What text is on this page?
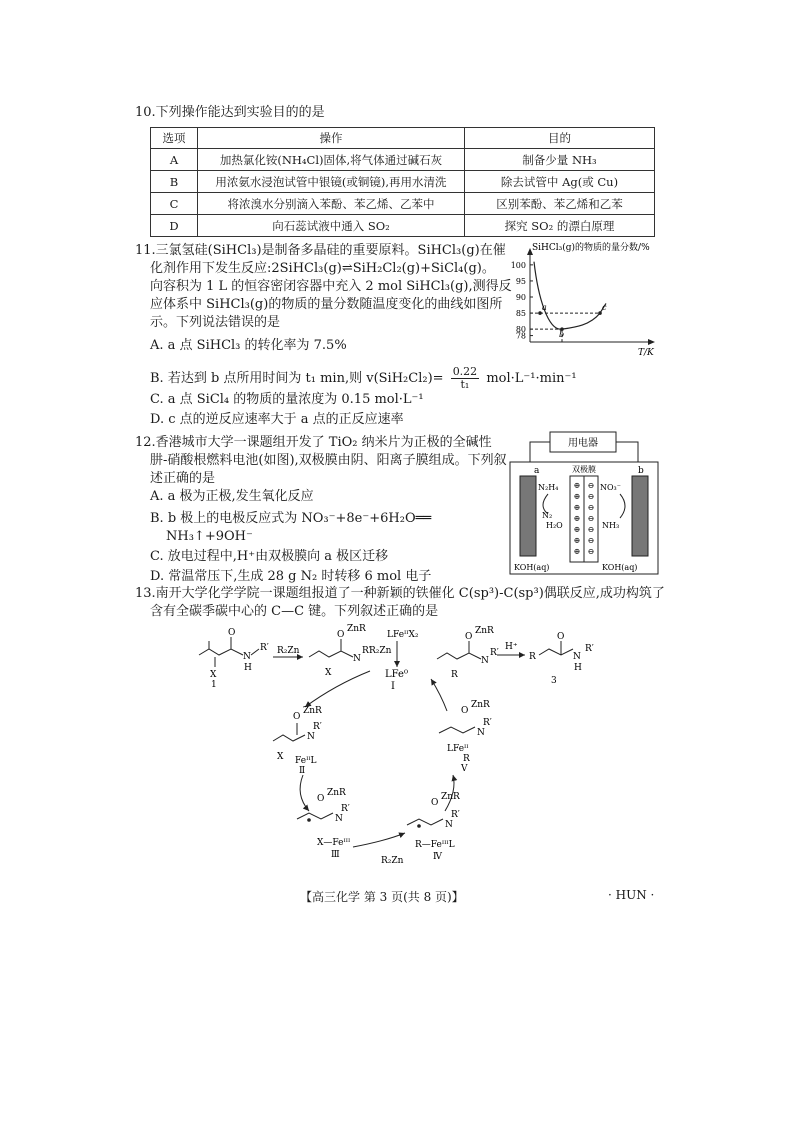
10.下列操作能达到实验目的的是
选项	操作	目的
A	加热氯化铵(NH₄Cl)固体,将气体通过碱石灰	制备少量 NH₃
B	用浓氨水浸泡试管中银镜(或铜镜),再用水清洗	除去试管中 Ag(或 Cu)
C	将浓溴水分别滴入苯酚、苯乙烯、乙苯中	区别苯酚、苯乙烯和乙苯
D	向石蕊试液中通入 SO₂	探究 SO₂ 的漂白原理
11.三氯氢硅(SiHCl₃)是制备多晶硅的重要原料。SiHCl₃(g)在催
化剂作用下发生反应:2SiHCl₃(g)⇌SiH₂Cl₂(g)+SiCl₄(g)。
向容积为 1 L 的恒容密闭容器中充入 2 mol SiHCl₃(g),测得反
应体系中 SiHCl₃(g)的物质的量分数随温度变化的曲线如图所
示。下列说法错误的是
A. a 点 SiHCl₃ 的转化率为 7.5%
B. 若达到 b 点所用时间为 t₁ min,则 $v(SiH_2Cl_2)= \frac{0.22}{\text{t₁}} mol\cdot L^{-1}\cdot\min^{-1}$
C. a 点 SiCl₄ 的物质的量浓度为 0.15 mol·L⁻¹
D. c 点的逆反应速率大于 a 点的正反应速率
SiHCl₃(g)的物质的量分数/%
78
80
85
90
95
100
a
b
c
T/K
12.香港城市大学一课题组开发了 TiO₂ 纳米片为正极的全碱性
肼-硝酸根燃料电池(如图),双极膜由阴、阳离子膜组成。下列叙
述正确的是
A. a 极为正极,发生氧化反应
B. b 极上的电极反应式为 NO₃⁻+8e⁻+6H₂O══
NH₃↑+9OH⁻
C. 放电过程中,H⁺由双极膜向 a 极区迁移
D. 常温常压下,生成 28 g N₂ 时转移 6 mol 电子
用电器
a	b
双极膜
⊕ ⊖
⊕ ⊖
⊕ ⊖
⊕ ⊖
⊕ ⊖
⊕ ⊖
⊕ ⊖
N₂H₄
N₂
H₂O
NO₃⁻
NH₃
KOH(aq)	KOH(aq)
13.南开大学化学学院一课题组报道了一种新颖的铁催化 C(sp³)-C(sp³)偶联反应,成功构筑了
含有全碳季碳中心的 C—C 键。下列叙述正确的是
O
N
H
R′
X
1
R₂Zn
O
ZnR
N
R′
X
LFeᴵᴵX₂
R₂Zn
LFe⁰
Ⅰ
O
ZnR
N
R′
R
H⁺
R
O
N
H
R′
3
R₂Zn
O
ZnR
N
R′
X FeᴵᴵL
Ⅱ
O
ZnR
N
R′
X—Feᴵᴵᴵ
Ⅲ
O
ZnR
N
R′
R—FeᴵᴵᴵL
Ⅳ
O
ZnR
N
R′
LFeᴵᴵ
R
Ⅴ
【高三化学 第 3 页(共 8 页)】	· HUN ·
